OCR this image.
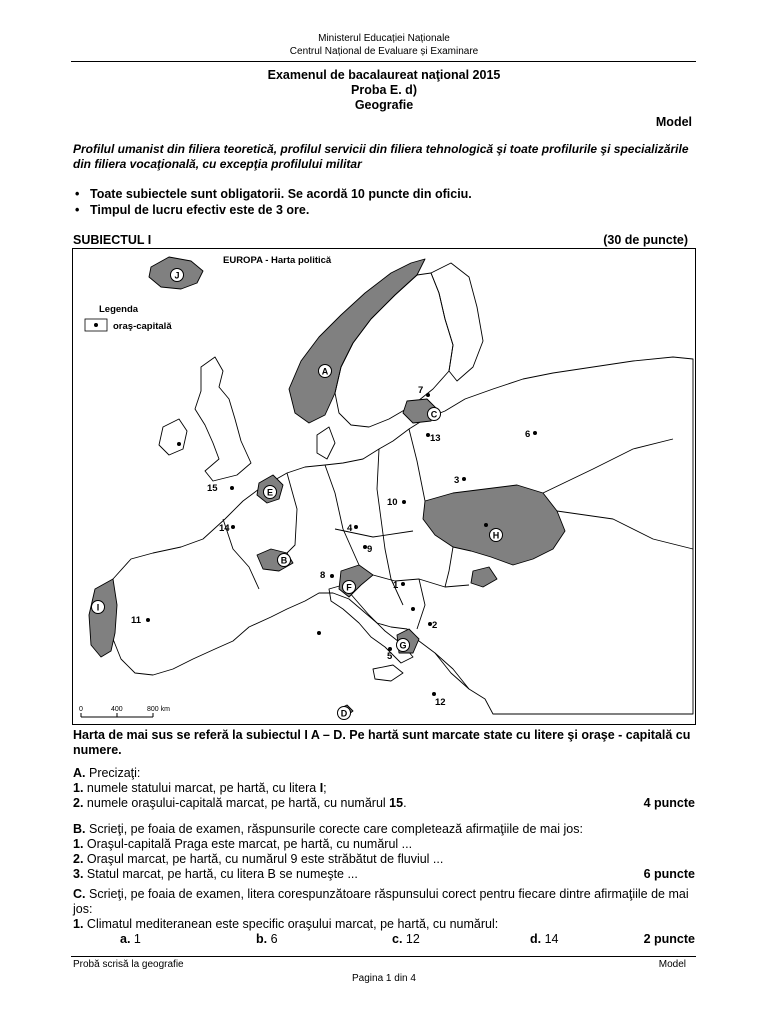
Ministerul Educației Naționale
Centrul Național de Evaluare și Examinare
Examenul de bacalaureat naţional 2015
Proba E. d)
Geografie
Model
Profilul umanist din filiera teoretică, profilul servicii din filiera tehnologică şi toate profilurile şi specializările din filiera vocaţională, cu excepţia profilului militar
• Toate subiectele sunt obligatorii. Se acordă 10 puncte din oficiu.
• Timpul de lucru efectiv este de 3 ore.
SUBIECTUL I	(30 de puncte)
EUROPA - Harta politică
Legenda
oraş-capitală
0	400	800 km
J
A
C
E
H
B
F
I
G
D
7
6
13
3
15
10
14	4
9
8
1
11	2
5
12
Harta de mai sus se referă la subiectul I A – D. Pe hartă sunt marcate state cu litere şi oraşe - capitală cu numere.
A. Precizaţi:
1. numele statului marcat, pe hartă, cu litera I;
2. numele oraşului-capitală marcat, pe hartă, cu numărul 15.	4 puncte
B. Scrieţi, pe foaia de examen, răspunsurile corecte care completează afirmaţiile de mai jos:
1. Oraşul-capitală Praga este marcat, pe hartă, cu numărul ...
2. Oraşul marcat, pe hartă, cu numărul 9 este străbătut de fluviul ...
3. Statul marcat, pe hartă, cu litera B se numeşte ...	6 puncte
C. Scrieţi, pe foaia de examen, litera corespunzătoare răspunsului corect pentru fiecare dintre afirmaţiile de mai jos:
1. Climatul mediteranean este specific oraşului marcat, pe hartă, cu numărul:
a. 1	b. 6	c. 12	d. 14	2 puncte
Probă scrisă la geografie	Model
Pagina 1 din 4
